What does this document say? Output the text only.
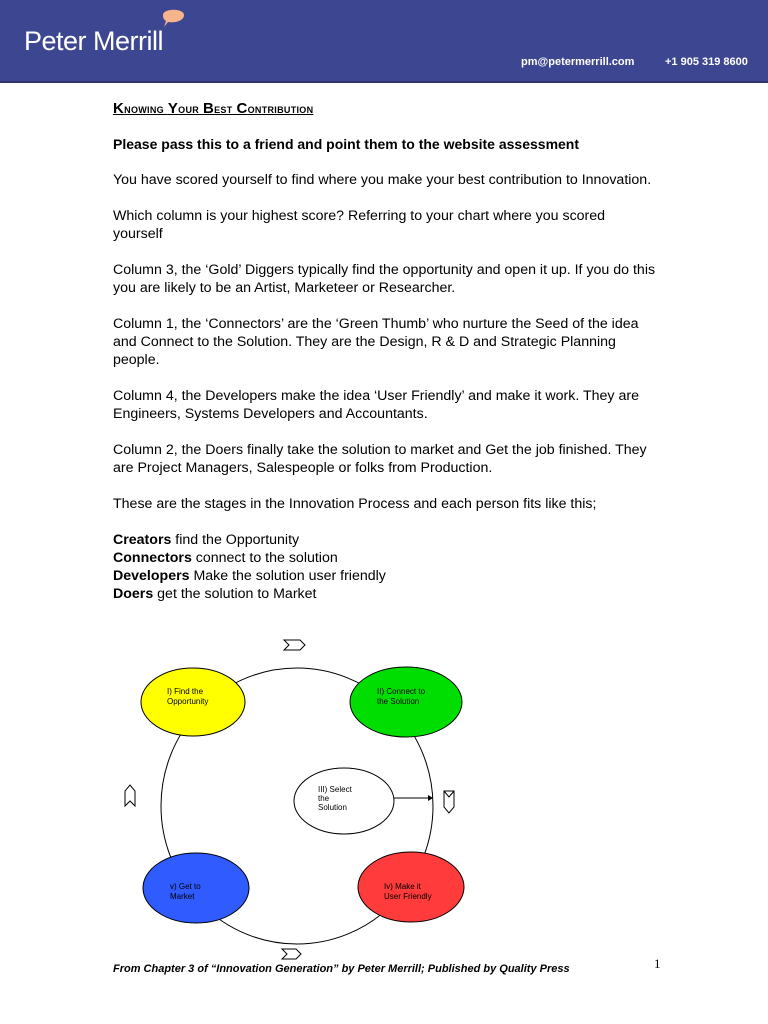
Peter Merrill
pm@petermerrill.com	+1 905 319 8600
Knowing Your Best Contribution
Please pass this to a friend and point them to the website assessment
You have scored yourself to find where you make your best contribution to Innovation.
Which column is your highest score? Referring to your chart where you scored yourself
Column 3, the ‘Gold’ Diggers typically find the opportunity and open it up. If you do this you are likely to be an Artist, Marketeer or Researcher.
Column 1, the ‘Connectors’ are the ‘Green Thumb’ who nurture the Seed of the idea and Connect to the Solution. They are the Design, R & D and Strategic Planning people.
Column 4, the Developers make the idea ‘User Friendly’ and make it work. They are Engineers, Systems Developers and Accountants.
Column 2, the Doers finally take the solution to market and Get the job finished. They are Project Managers, Salespeople or folks from Production.
These are the stages in the Innovation Process and each person fits like this;
Creators find the Opportunity
Connectors connect to the solution
Developers Make the solution user friendly
Doers get the solution to Market
I) Find the
Opportunity
II) Connect to
the Solution
III) Select
the
Solution
v) Get to
Market
Iv) Make it
User Friendly
From Chapter 3 of “Innovation Generation” by Peter Merrill; Published by Quality Press	1
